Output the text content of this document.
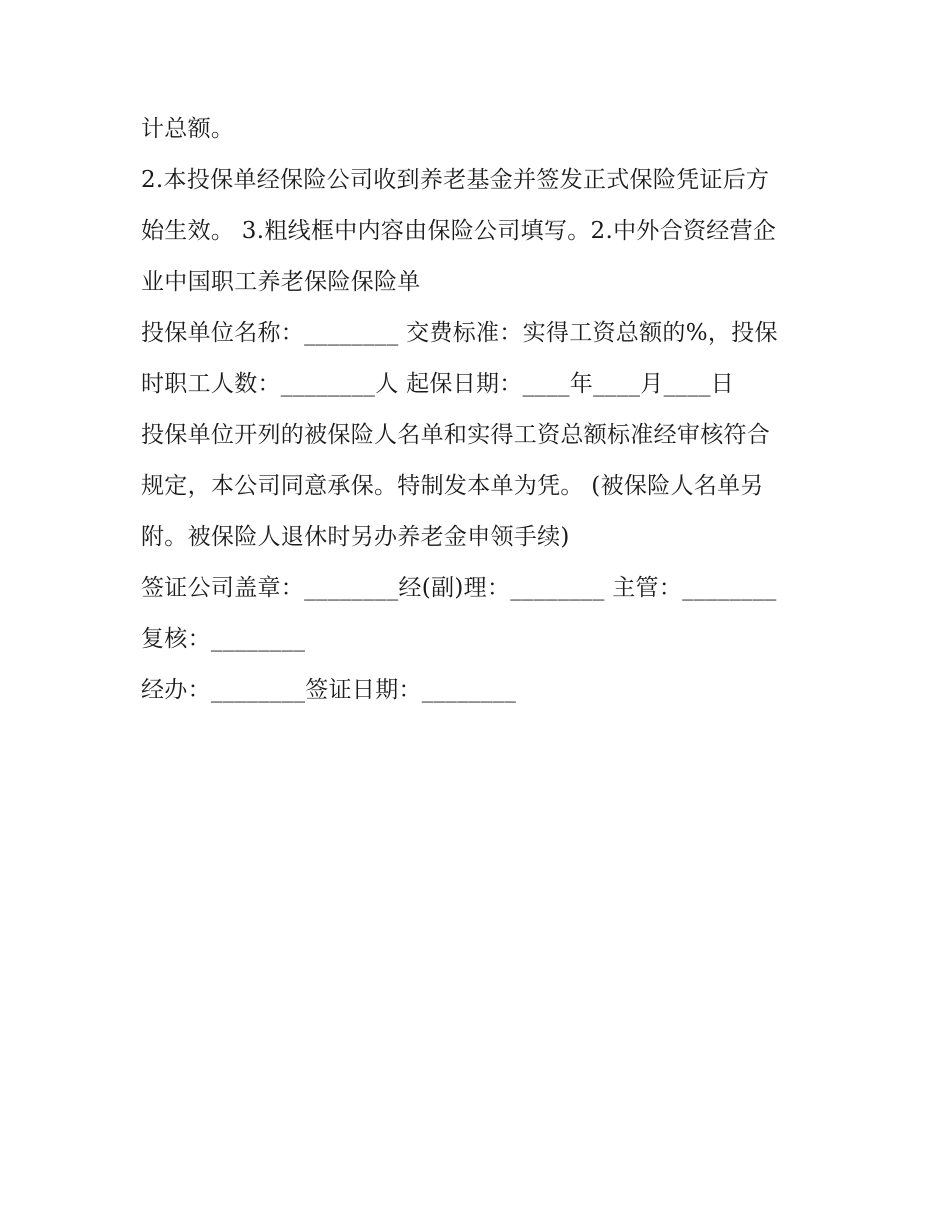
计总额。
2.本投保单经保险公司收到养老基金并签发正式保险凭证后方
始生效。 3.粗线框中内容由保险公司填写。2.中外合资经营企
业中国职工养老保险保险单
投保单位名称：________ 交费标准：实得工资总额的%，投保
时职工人数：________人 起保日期：____年____月____日
投保单位开列的被保险人名单和实得工资总额标准经审核符合
规定，本公司同意承保。特制发本单为凭。 (被保险人名单另
附。被保险人退休时另办养老金申领手续)
签证公司盖章：________经(副)理：________ 主管：________
复核：________
经办：________签证日期：________
